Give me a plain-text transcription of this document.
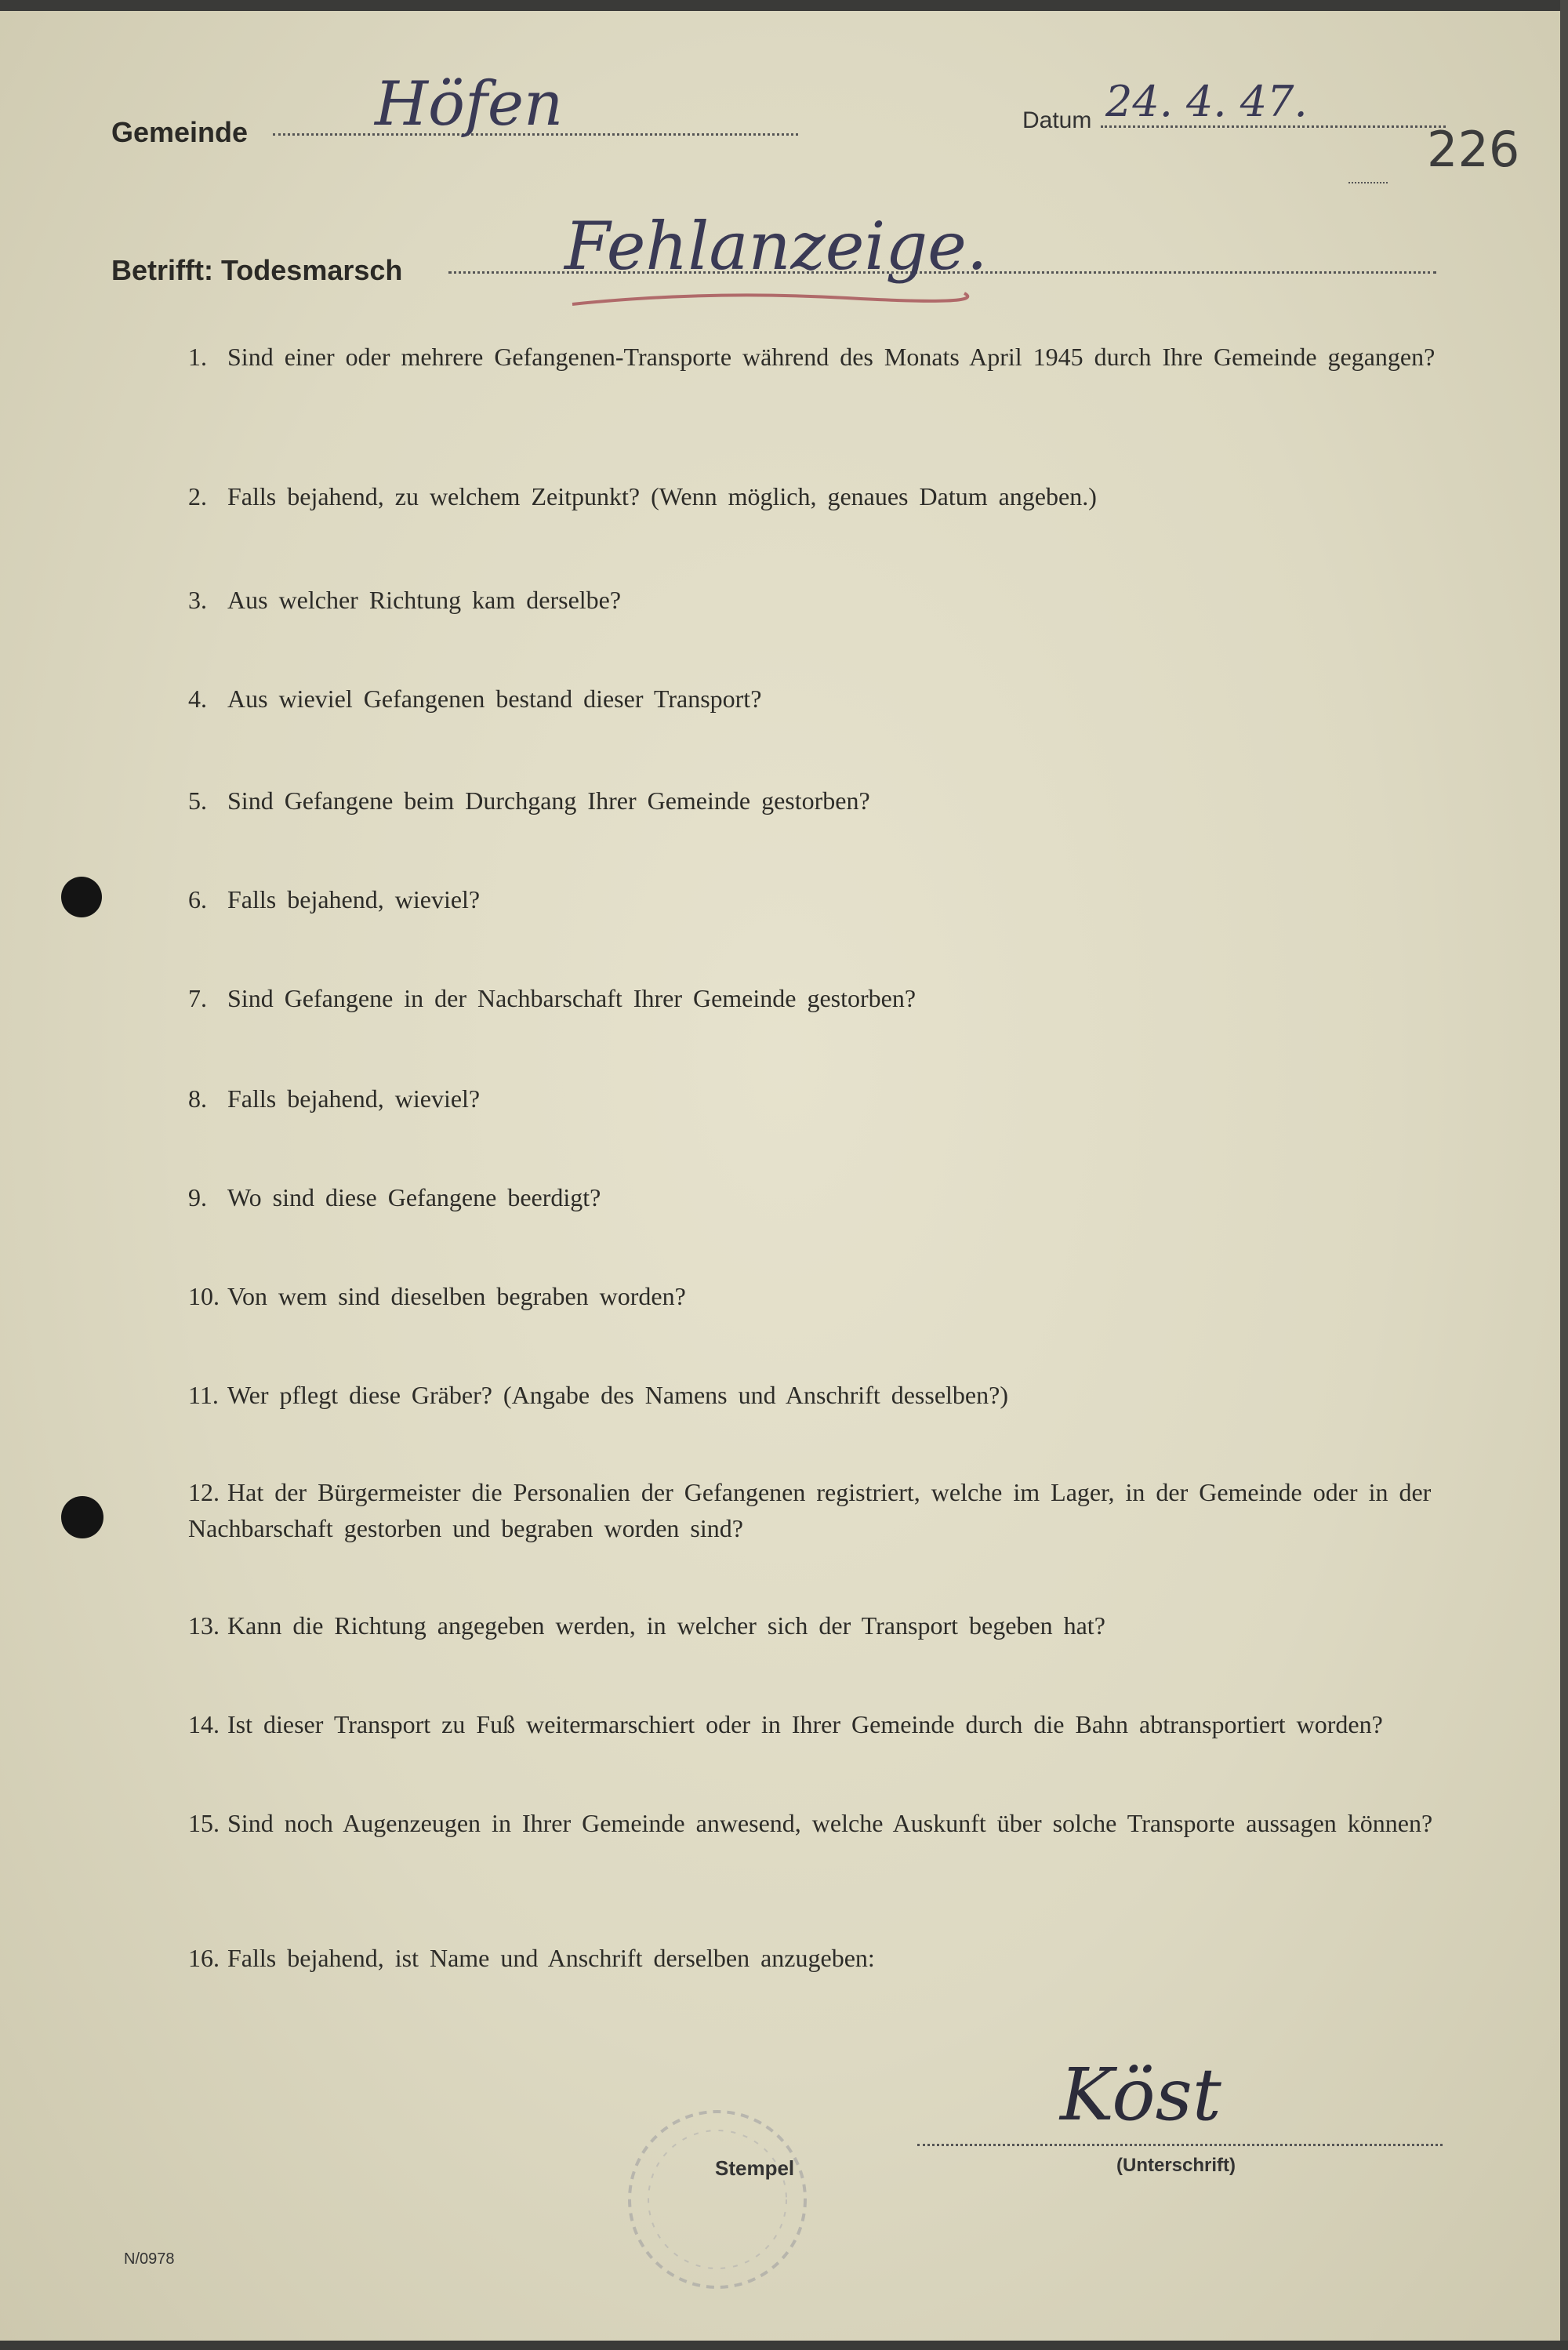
Gemeinde Höfen	Datum 24. 4. 47.
226
Betrifft: Todesmarsch Fehlanzeige.
1. Sind einer oder mehrere Gefangenen-Transporte während des Monats April 1945 durch Ihre Gemeinde gegangen?
2. Falls bejahend, zu welchem Zeitpunkt? (Wenn möglich, genaues Datum angeben.)
3. Aus welcher Richtung kam derselbe?
4. Aus wieviel Gefangenen bestand dieser Transport?
5. Sind Gefangene beim Durchgang Ihrer Gemeinde gestorben?
6. Falls bejahend, wieviel?
7. Sind Gefangene in der Nachbarschaft Ihrer Gemeinde gestorben?
8. Falls bejahend, wieviel?
9. Wo sind diese Gefangene beerdigt?
10. Von wem sind dieselben begraben worden?
11. Wer pflegt diese Gräber? (Angabe des Namens und Anschrift desselben?)
12. Hat der Bürgermeister die Personalien der Gefangenen registriert, welche im Lager, in der Gemeinde oder in der Nachbarschaft gestorben und begraben worden sind?
13. Kann die Richtung angegeben werden, in welcher sich der Transport begeben hat?
14. Ist dieser Transport zu Fuß weitermarschiert oder in Ihrer Gemeinde durch die Bahn abtransportiert worden?
15. Sind noch Augenzeugen in Ihrer Gemeinde anwesend, welche Auskunft über solche Transporte aussagen können?
16. Falls bejahend, ist Name und Anschrift derselben anzugeben:
Stempel
Köst
(Unterschrift)
N/0978
